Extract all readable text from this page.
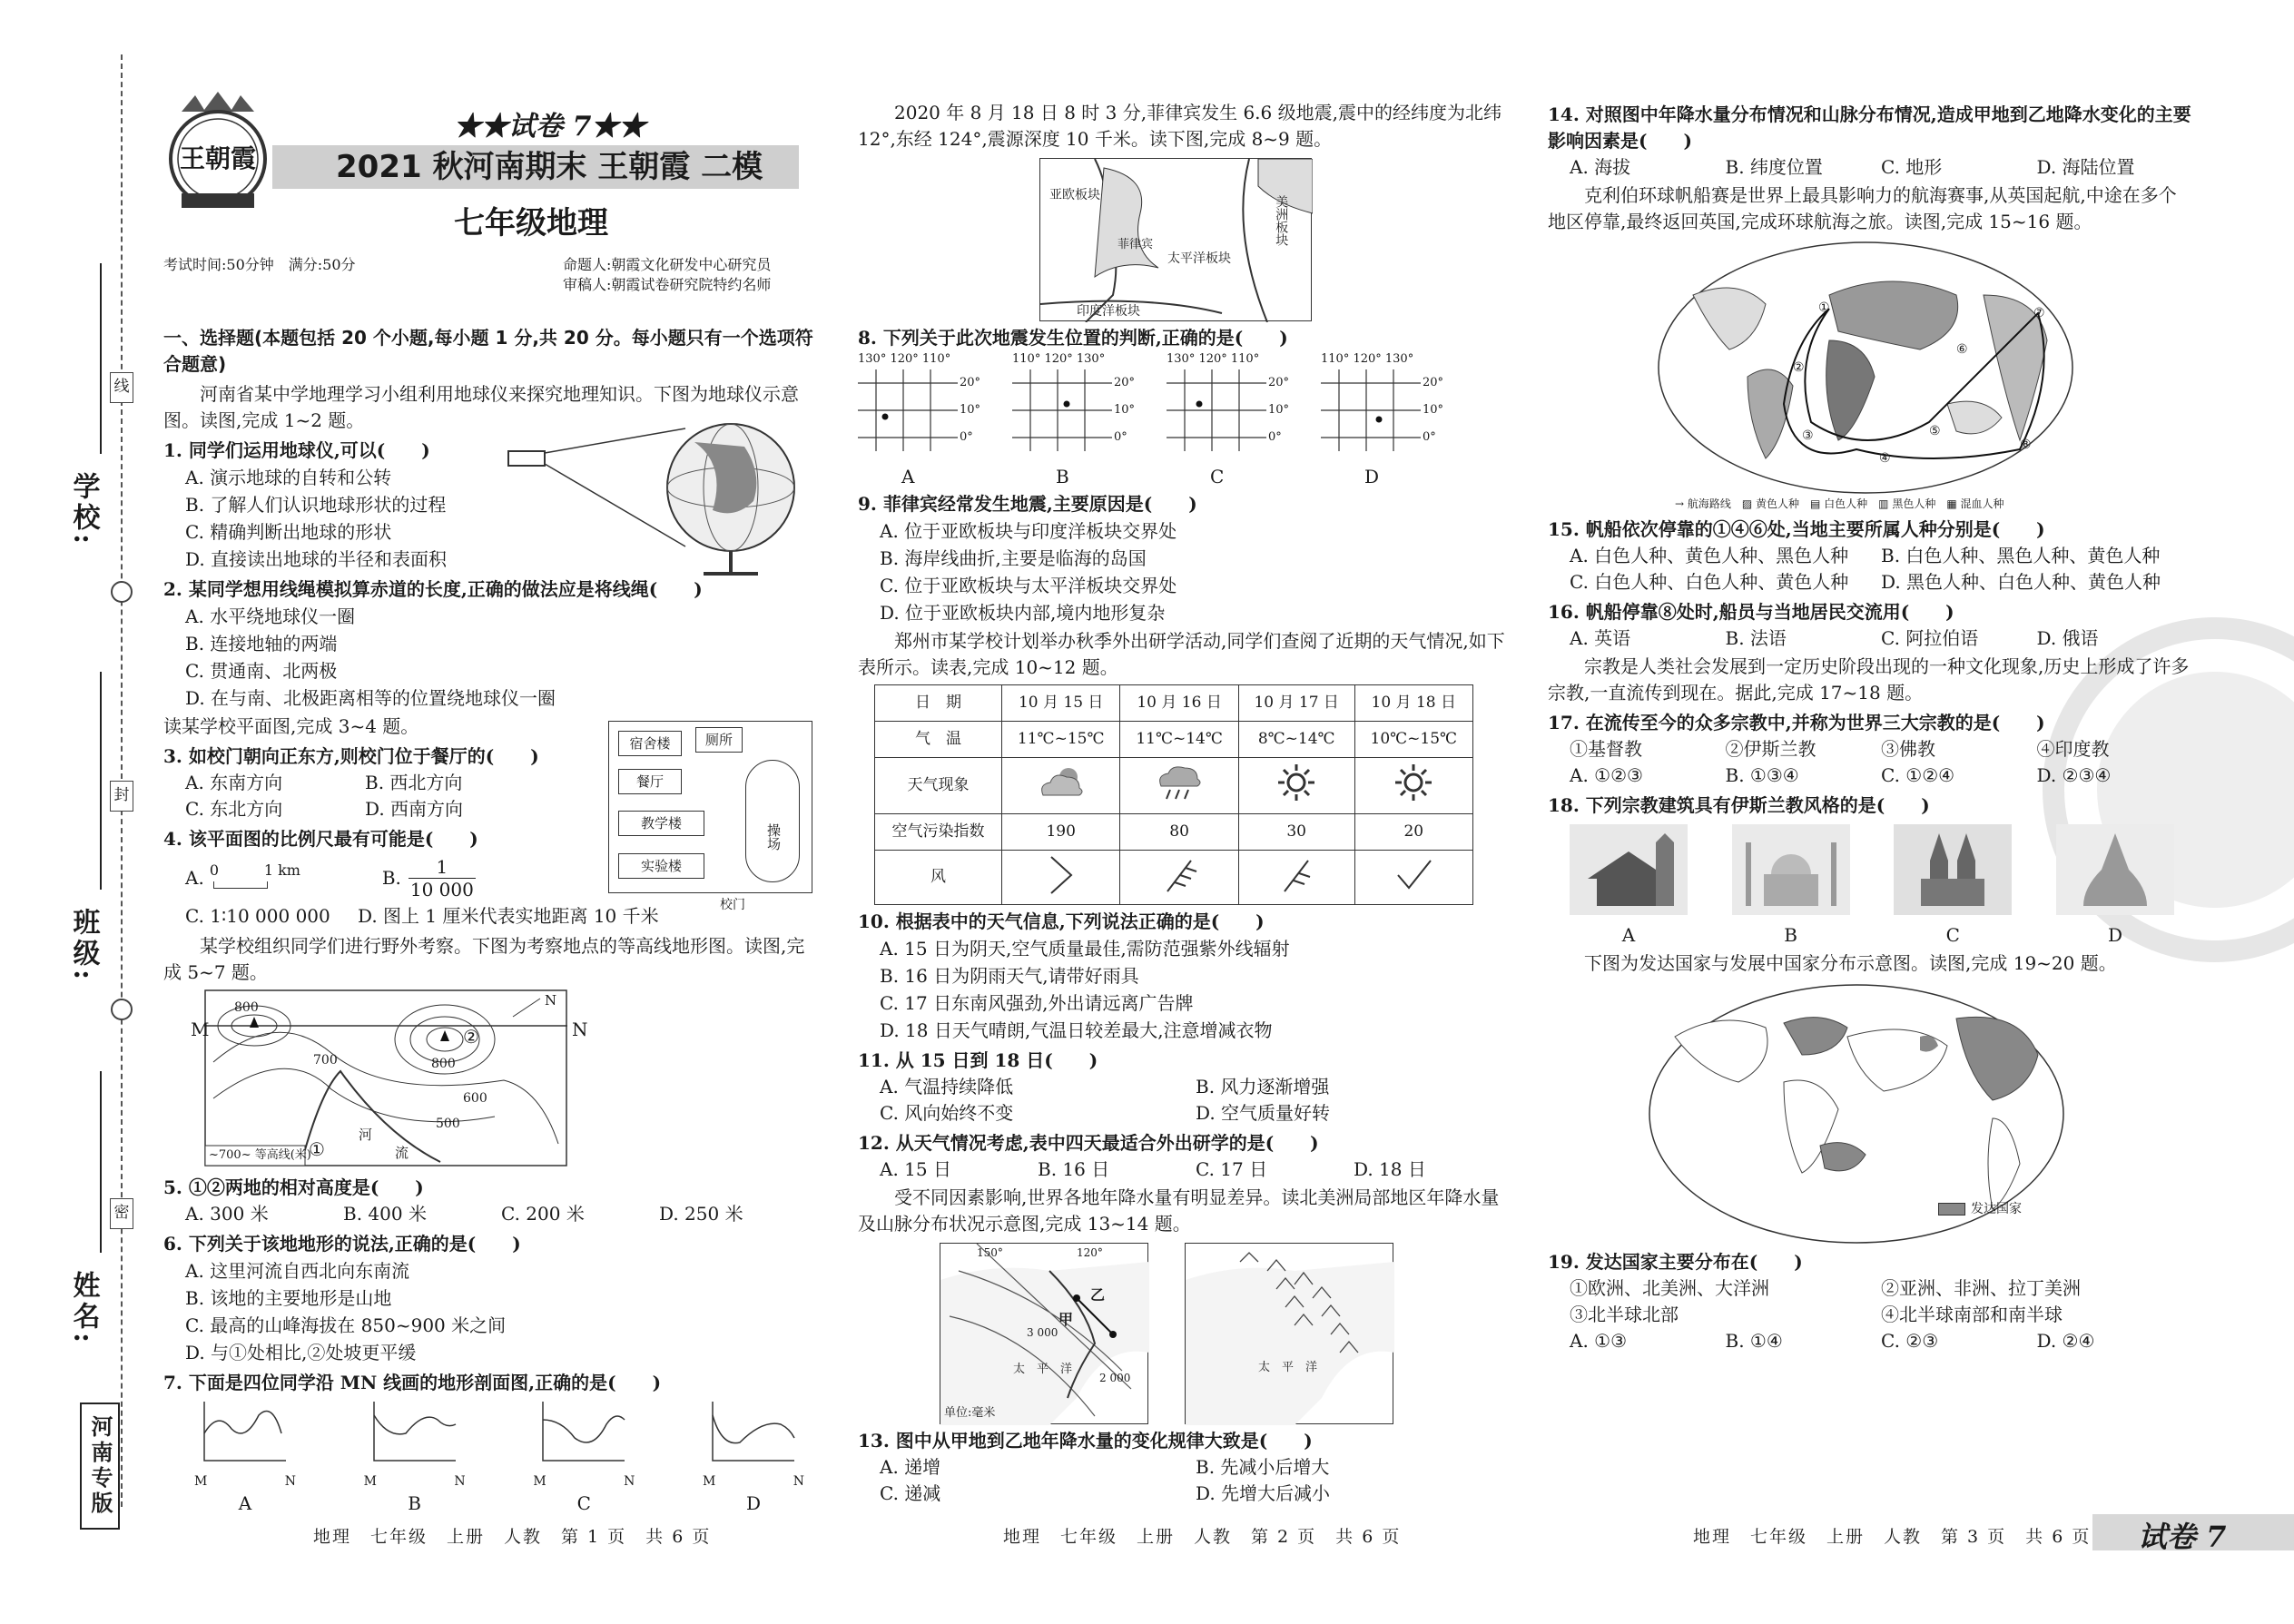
学校:
班级:
姓名:
线
封
密
河南专版
王朝霞
★★试卷 7★★
2021 秋河南期末 王朝霞 二模
七年级地理
考试时间:50分钟　满分:50分	命题人:朝霞文化研发中心研究员
审稿人:朝霞试卷研究院特约名师
一、选择题(本题包括 20 个小题,每小题 1 分,共 20 分。每小题只有一个选项符合题意)
河南省某中学地理学习小组利用地球仪来探究地理知识。下图为地球仪示意图。读图,完成 1~2 题。
1. 同学们运用地球仪,可以(　　)
A. 演示地球的自转和公转
B. 了解人们认识地球形状的过程
C. 精确判断出地球的形状
D. 直接读出地球的半径和表面积
2. 某同学想用线绳模拟算赤道的长度,正确的做法应是将线绳(　　)
A. 水平绕地球仪一圈
B. 连接地轴的两端
C. 贯通南、北两极
D. 在与南、北极距离相等的位置绕地球仪一圈
读某学校平面图,完成 3~4 题。
3. 如校门朝向正东方,则校门位于餐厅的(　　)
A. 东南方向	B. 西北方向
C. 东北方向	D. 西南方向
4. 该平面图的比例尺最有可能是(　　)
A. 0	1 km	B. $\frac{1}{10 000}$
C. 1∶10 000 000	D. 图上 1 厘米代表实地距离 10 千米
宿舍楼	厕所
餐厅
教学楼
实验楼
操场
校门
某学校组织同学们进行野外考察。下图为考察地点的等高线地形图。读图,完成 5~7 题。
M	N
800
800
700
600
500
河
流
①
②
N
~700~ 等高线(米)
5. ①②两地的相对高度是(　　)
A. 300 米	B. 400 米	C. 200 米	D. 250 米
6. 下列关于该地地形的说法,正确的是(　　)
A. 这里河流自西北向东南流
B. 该地的主要地形是山地
C. 最高的山峰海拔在 850~900 米之间
D. 与①处相比,②处坡更平缓
7. 下面是四位同学沿 MN 线画的地形剖面图,正确的是(　　)
M	N
A
M	N
B
M	N
C
M	N
D
地理　七年级　上册　人教　第 1 页　共 6 页
2020 年 8 月 18 日 8 时 3 分,菲律宾发生 6.6 级地震,震中的经纬度为北纬 12°,东经 124°,震源深度 10 千米。读下图,完成 8~9 题。
亚欧板块	美洲板块
太平洋板块
菲律宾
印度洋板块
8. 下列关于此次地震发生位置的判断,正确的是(　　)
130° 120° 110°
20°
10°
0°
A
110° 120° 130°
20°
10°
0°
B
130° 120° 110°
20°
10°
0°
C
110° 120° 130°
20°
10°
0°
D
9. 菲律宾经常发生地震,主要原因是(　　)
A. 位于亚欧板块与印度洋板块交界处
B. 海岸线曲折,主要是临海的岛国
C. 位于亚欧板块与太平洋板块交界处
D. 位于亚欧板块内部,境内地形复杂
郑州市某学校计划举办秋季外出研学活动,同学们查阅了近期的天气情况,如下表所示。读表,完成 10~12 题。
日　期	10 月 15 日	10 月 16 日	10 月 17 日	10 月 18 日
气　温	11℃~15℃	11℃~14℃	8℃~14℃	10℃~15℃
天气现象				
空气污染指数	190	80	30	20
风				
10. 根据表中的天气信息,下列说法正确的是(　　)
A. 15 日为阴天,空气质量最佳,需防范强紫外线辐射
B. 16 日为阴雨天气,请带好雨具
C. 17 日东南风强劲,外出请远离广告牌
D. 18 日天气晴朗,气温日较差最大,注意增减衣物
11. 从 15 日到 18 日(　　)
A. 气温持续降低	B. 风力逐渐增强
C. 风向始终不变	D. 空气质量好转
12. 从天气情况考虑,表中四天最适合外出研学的是(　　)
A. 15 日	B. 16 日	C. 17 日	D. 18 日
受不同因素影响,世界各地年降水量有明显差异。读北美洲局部地区年降水量及山脉分布状况示意图,完成 13~14 题。
150°	120°
乙
甲
3 000
2 000
太　平　洋
单位:毫米
太　平　洋
13. 图中从甲地到乙地年降水量的变化规律大致是(　　)
A. 递增	B. 先减小后增大
C. 递减	D. 先增大后减小
地理　七年级　上册　人教　第 2 页　共 6 页
14. 对照图中年降水量分布情况和山脉分布情况,造成甲地到乙地降水变化的主要影响因素是(　　)
A. 海拔	B. 纬度位置	C. 地形	D. 海陆位置
克利伯环球帆船赛是世界上最具影响力的航海赛事,从英国起航,中途在多个地区停靠,最终返回英国,完成环球航海之旅。读图,完成 15~16 题。
①
②
③
④
⑤
⑥
⑦
⑧
→ 航海路线　▨ 黄色人种　▤ 白色人种　▥ 黑色人种　▦ 混血人种
15. 帆船依次停靠的①④⑥处,当地主要所属人种分别是(　　)
A. 白色人种、黄色人种、黑色人种	B. 白色人种、黑色人种、黄色人种
C. 白色人种、白色人种、黄色人种	D. 黑色人种、白色人种、黄色人种
16. 帆船停靠⑧处时,船员与当地居民交流用(　　)
A. 英语	B. 法语	C. 阿拉伯语	D. 俄语
宗教是人类社会发展到一定历史阶段出现的一种文化现象,历史上形成了许多宗教,一直流传到现在。据此,完成 17~18 题。
17. 在流传至今的众多宗教中,并称为世界三大宗教的是(　　)
①基督教	②伊斯兰教	③佛教	④印度教
A. ①②③	B. ①③④	C. ①②④	D. ②③④
18. 下列宗教建筑具有伊斯兰教风格的是(　　)
A	B	C	D
下图为发达国家与发展中国家分布示意图。读图,完成 19~20 题。
发达国家
19. 发达国家主要分布在(　　)
①欧洲、北美洲、大洋洲	②亚洲、非洲、拉丁美洲
③北半球北部	④北半球南部和南半球
A. ①③	B. ①④	C. ②③	D. ②④
地理　七年级　上册　人教　第 3 页　共 6 页 试卷 7
